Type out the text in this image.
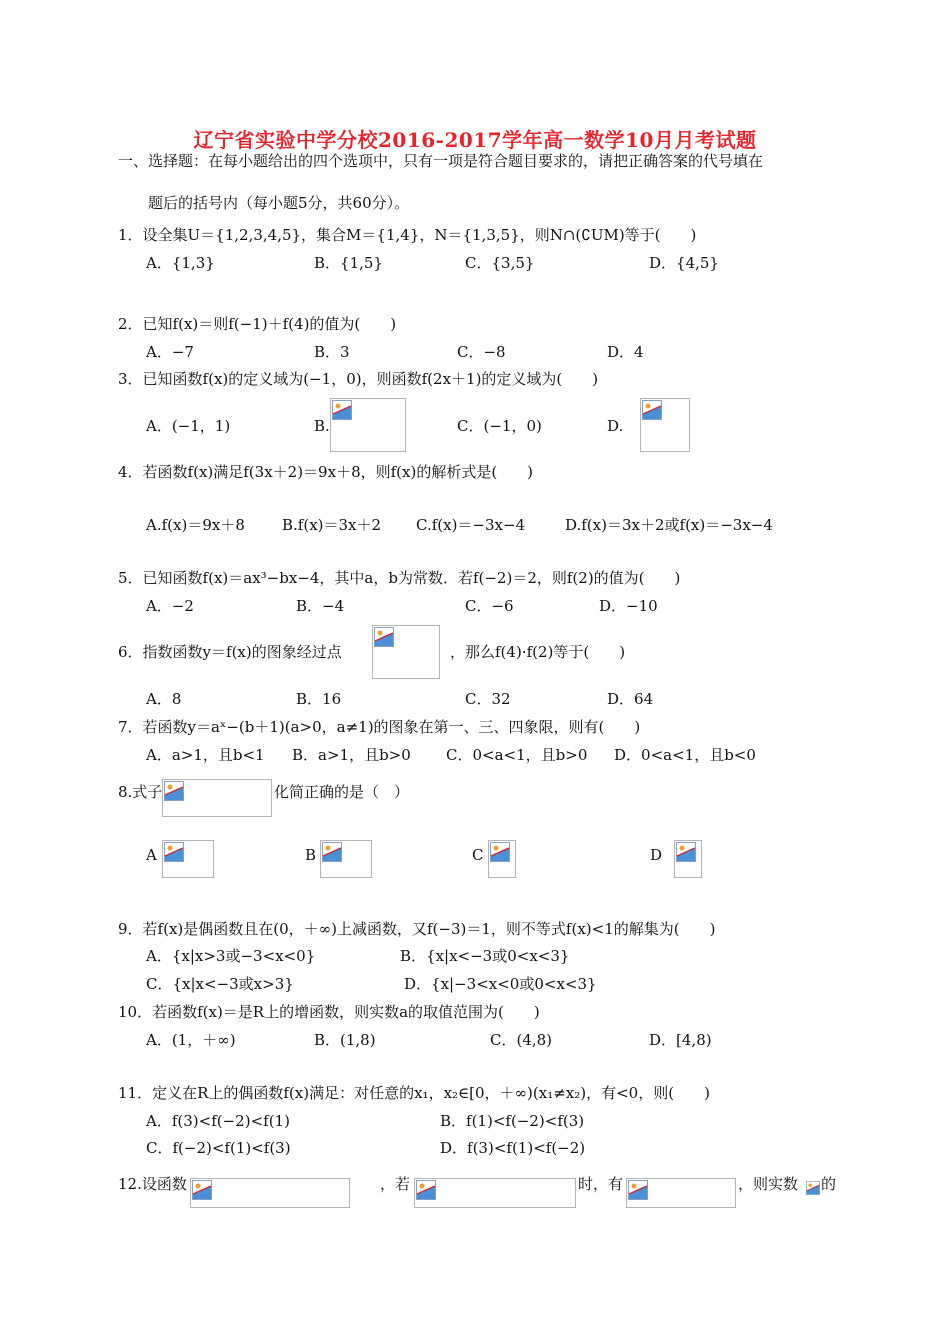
辽宁省实验中学分校2016-2017学年高一数学10月月考试题
一、选择题：在每小题给出的四个选项中，只有一项是符合题目要求的，请把正确答案的代号填在
题后的括号内（每小题5分，共60分）。
1．设全集U＝{1,2,3,4,5}，集合M＝{1,4}，N＝{1,3,5}，则N∩(∁UM)等于(　　)
A．{1,3}	B．{1,5}	C．{3,5}	D．{4,5}
2．已知f(x)＝则f(−1)＋f(4)的值为(　　)
A．−7	B．3	C．−8	D．4
3．已知函数f(x)的定义域为(−1，0)，则函数f(2x＋1)的定义域为(　　)
A．(−1，1)	B.	C．(−1，0)	D.
4．若函数f(x)满足f(3x＋2)＝9x＋8，则f(x)的解析式是(　　)
A.f(x)＝9x＋8 B.f(x)＝3x＋2 C.f(x)＝−3x−4	D.f(x)＝3x＋2或f(x)＝−3x−4
5．已知函数f(x)＝ax³−bx−4，其中a，b为常数．若f(−2)＝2，则f(2)的值为(　　)
A．−2	B．−4	C．−6	D．−10
6．指数函数y＝f(x)的图象经过点	，那么f(4)·f(2)等于(　　)
A．8	B．16	C．32	D．64
7．若函数y＝aˣ−(b＋1)(a>0，a≠1)的图象在第一、三、四象限，则有(　　)
A．a>1，且b<1 B．a>1，且b>0 C．0<a<1，且b>0 D．0<a<1，且b<0
8.式子	化简正确的是（　）
A	B	C	D
9．若f(x)是偶函数且在(0，＋∞)上减函数，又f(−3)＝1，则不等式f(x)<1的解集为(　　)
A．{x|x>3或−3<x<0}	B．{x|x<−3或0<x<3}
C．{x|x<−3或x>3}	D．{x|−3<x<0或0<x<3}
10．若函数f(x)＝是R上的增函数，则实数a的取值范围为(　　)
A．(1，＋∞)	B．(1,8)	C．(4,8)	D．[4,8)
11．定义在R上的偶函数f(x)满足：对任意的x₁，x₂∈[0，＋∞)(x₁≠x₂)，有<0，则(　　)
A．f(3)<f(−2)<f(1)	B．f(1)<f(−2)<f(3)
C．f(−2)<f(1)<f(3)	D．f(3)<f(1)<f(−2)
12.设函数	，若	时，有	，则实数 的
